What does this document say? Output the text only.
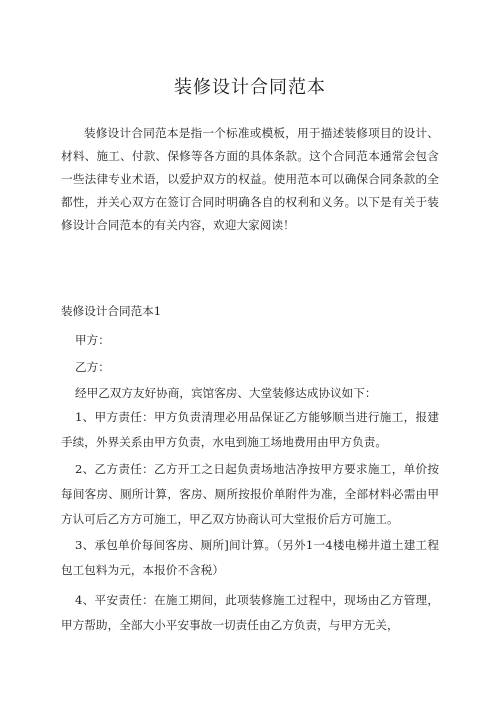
装修设计合同范本

装修设计合同范本是指一个标准或模板，用于描述装修项目的设计、材料、施工、付款、保修等各方面的具体条款。这个合同范本通常会包含一些法律专业术语，以爱护双方的权益。使用范本可以确保合同条款的全都性，并关心双方在签订合同时明确各自的权利和义务。以下是有关于装修设计合同范本的有关内容，欢迎大家阅读！

装修设计合同范本1

甲方：

乙方：

经甲乙双方友好协商，宾馆客房、大堂装修达成协议如下：

1、甲方责任：甲方负责清理必用品保证乙方能够顺当进行施工，报建手续，外界关系由甲方负责，水电到施工场地费用由甲方负责。

2、乙方责任：乙方开工之日起负责场地洁净按甲方要求施工，单价按每间客房、厕所计算，客房、厕所按报价单附件为准，全部材料必需由甲方认可后乙方方可施工，甲乙双方协商认可大堂报价后方可施工。

3、承包单价每间客房、厕所]间计算。（另外1一4楼电梯井道土建工程包工包料为元，本报价不含税）

4、平安责任：在施工期间，此项装修施工过程中，现场由乙方管理，甲方帮助，全部大小平安事故一切责任由乙方负责，与甲方无关，
